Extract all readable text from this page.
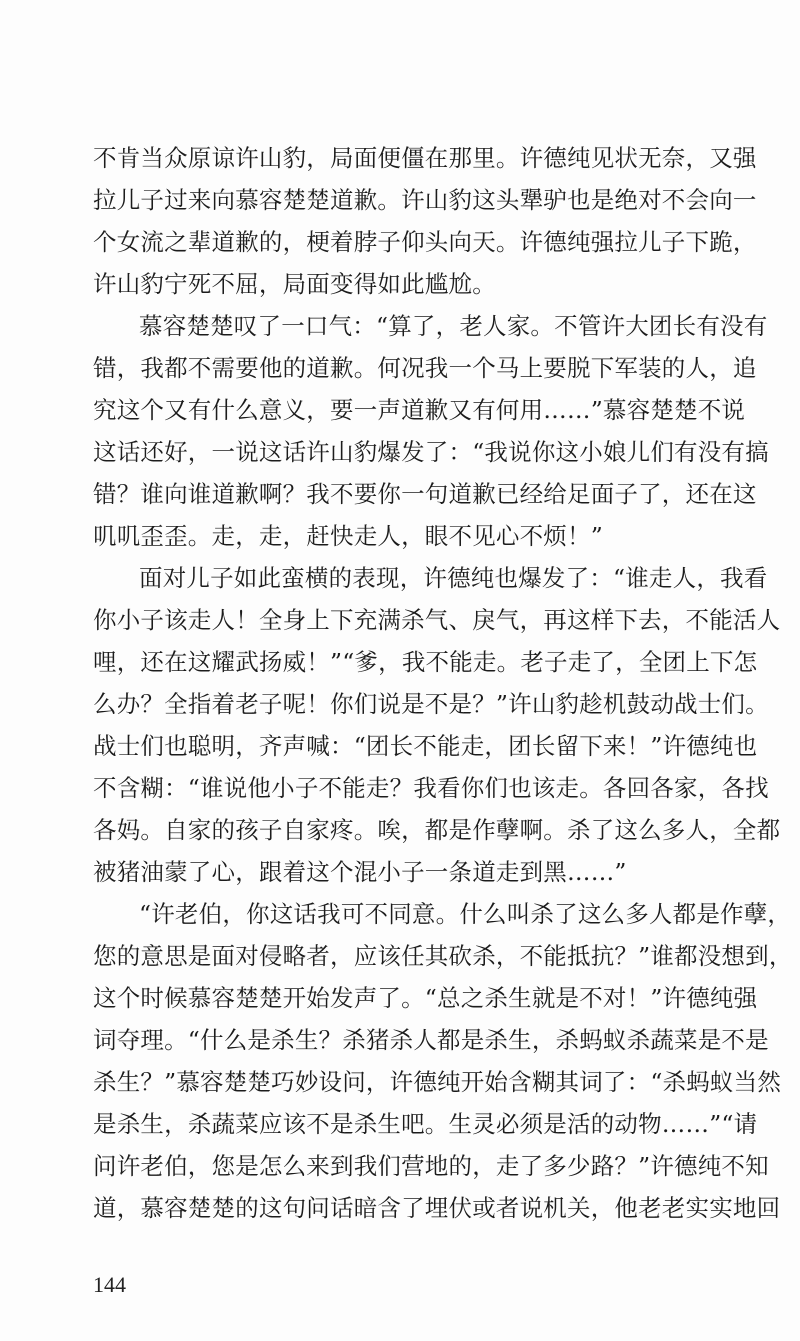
不肯当众原谅许山豹，局面便僵在那里。许德纯见状无奈，又强
拉儿子过来向慕容楚楚道歉。许山豹这头犟驴也是绝对不会向一
个女流之辈道歉的，梗着脖子仰头向天。许德纯强拉儿子下跪，
许山豹宁死不屈，局面变得如此尴尬。
慕容楚楚叹了一口气：“算了，老人家。不管许大团长有没有
错，我都不需要他的道歉。何况我一个马上要脱下军装的人，追
究这个又有什么意义，要一声道歉又有何用……”慕容楚楚不说
这话还好，一说这话许山豹爆发了：“我说你这小娘儿们有没有搞
错？谁向谁道歉啊？我不要你一句道歉已经给足面子了，还在这
叽叽歪歪。走，走，赶快走人，眼不见心不烦！”
面对儿子如此蛮横的表现，许德纯也爆发了：“谁走人，我看
你小子该走人！全身上下充满杀气、戾气，再这样下去，不能活人
哩，还在这耀武扬威！”“爹，我不能走。老子走了，全团上下怎
么办？全指着老子呢！你们说是不是？”许山豹趁机鼓动战士们。
战士们也聪明，齐声喊：“团长不能走，团长留下来！”许德纯也
不含糊：“谁说他小子不能走？我看你们也该走。各回各家，各找
各妈。自家的孩子自家疼。唉，都是作孽啊。杀了这么多人，全都
被猪油蒙了心，跟着这个混小子一条道走到黑……”
“许老伯，你这话我可不同意。什么叫杀了这么多人都是作孽，
您的意思是面对侵略者，应该任其砍杀，不能抵抗？”谁都没想到，
这个时候慕容楚楚开始发声了。“总之杀生就是不对！”许德纯强
词夺理。“什么是杀生？杀猪杀人都是杀生，杀蚂蚁杀蔬菜是不是
杀生？”慕容楚楚巧妙设问，许德纯开始含糊其词了：“杀蚂蚁当然
是杀生，杀蔬菜应该不是杀生吧。生灵必须是活的动物……”“请
问许老伯，您是怎么来到我们营地的，走了多少路？”许德纯不知
道，慕容楚楚的这句问话暗含了埋伏或者说机关，他老老实实地回
144
